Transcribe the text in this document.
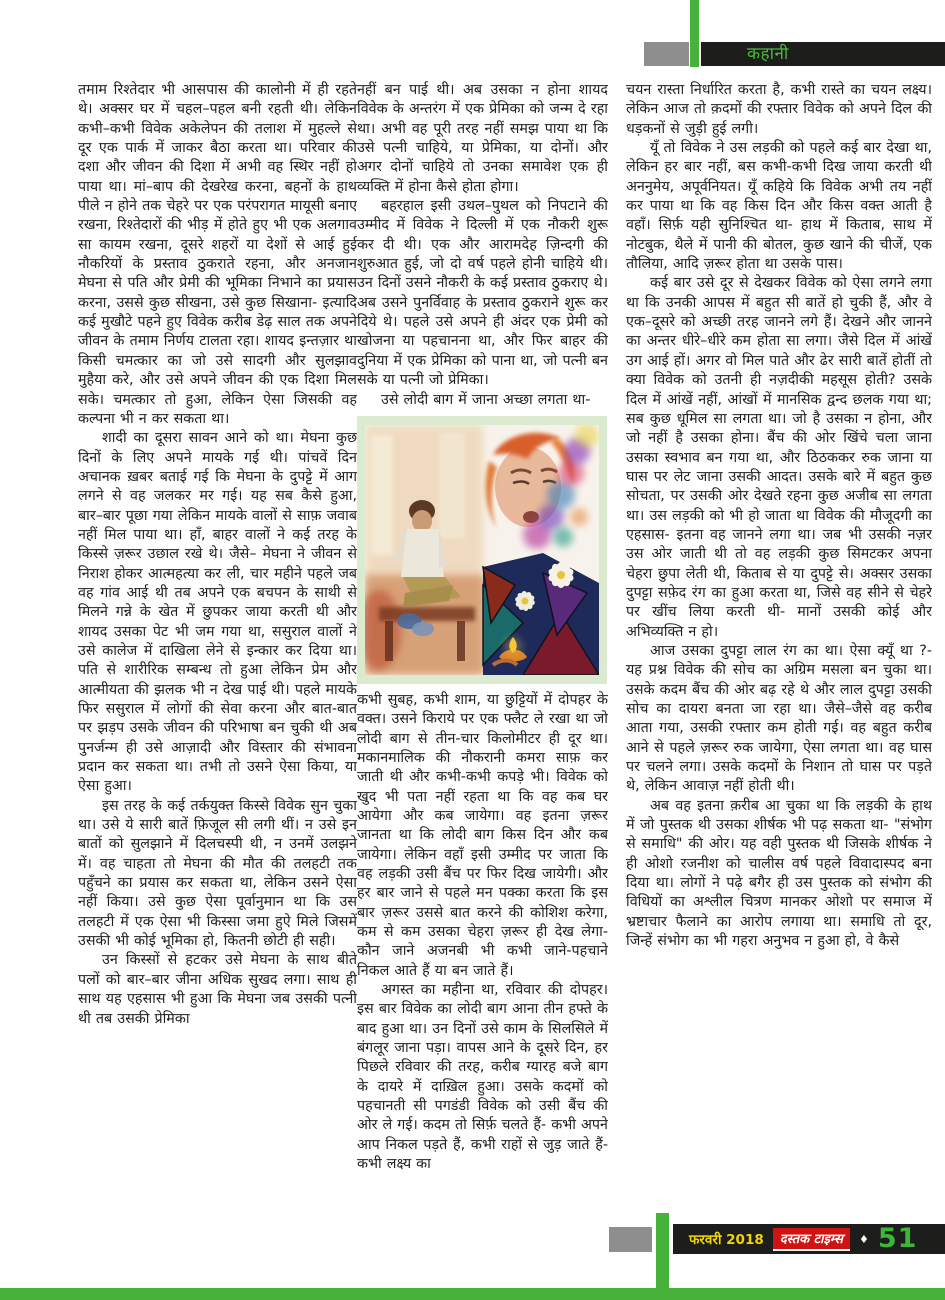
कहानी

तमाम रिश्तेदार भी आसपास की कालोनी में ही रहते थे। अक्सर घर में चहल–पहल बनी रहती थी। लेकिन कभी–कभी विवेक अकेलेपन की तलाश में मुहल्ले से दूर एक पार्क में जाकर बैठा करता था। परिवार की दशा और जीवन की दिशा में अभी वह स्थिर नहीं हो पाया था। मां–बाप की देखरेख करना, बहनों के हाथ पीले न होने तक चेहरे पर एक परंपरागत मायूसी बनाए रखना, रिश्तेदारों की भीड़ में होते हुए भी एक अलगाव सा कायम रखना, दूसरे शहरों या देशों से आई हुई नौकरियों के प्रस्ताव ठुकराते रहना, और अनजान मेघना से पति और प्रेमी की भूमिका निभाने का प्रयास करना, उससे कुछ सीखना, उसे कुछ सिखाना- इत्यादि कई मुखौटे पहने हुए विवेक करीब डेढ़ साल तक अपने जीवन के तमाम निर्णय टालता रहा। शायद इन्तज़ार था किसी चमत्कार का जो उसे सादगी और सुलझाव मुहैया करे, और उसे अपने जीवन की एक दिशा मिल सके। चमत्कार तो हुआ, लेकिन ऐसा जिसकी वह कल्पना भी न कर सकता था।

शादी का दूसरा सावन आने को था। मेघना कुछ दिनों के लिए अपने मायके गई थी। पांचवें दिन अचानक ख़बर बताई गई कि मेघना के दुपट्टे में आग लगने से वह जलकर मर गई। यह सब कैसे हुआ, बार–बार पूछा गया लेकिन मायके वालों से साफ़ जवाब नहीं मिल पाया था। हाँ, बाहर वालों ने कई तरह के किस्से ज़रूर उछाल रखे थे। जैसे– मेघना ने जीवन से निराश होकर आत्महत्या कर ली, चार महीने पहले जब वह गांव आई थी तब अपने एक बचपन के साथी से मिलने गन्ने के खेत में छुपकर जाया करती थी और शायद उसका पेट भी जम गया था, ससुराल वालों ने उसे कालेज में दाखिला लेने से इन्कार कर दिया था। पति से शारीरिक सम्बन्ध तो हुआ लेकिन प्रेम और आत्मीयता की झलक भी न देख पाई थी। पहले मायके फिर ससुराल में लोगों की सेवा करना और बात-बात पर झड़प उसके जीवन की परिभाषा बन चुकी थी अब पुनर्जन्म ही उसे आज़ादी और विस्तार की संभावना प्रदान कर सकता था। तभी तो उसने ऐसा किया, या ऐसा हुआ।

इस तरह के कई तर्कयुक्त किस्से विवेक सुन चुका था। उसे ये सारी बातें फ़िजूल सी लगी थीं। न उसे इन बातों को सुलझाने में दिलचस्पी थी, न उनमें उलझने में। वह चाहता तो मेघना की मौत की तलहटी तक पहुँचने का प्रयास कर सकता था, लेकिन उसने ऐसा नहीं किया। उसे कुछ ऐसा पूर्वानुमान था कि उस तलहटी में एक ऐसा भी किस्सा जमा हुऐ मिले जिसमें उसकी भी कोई भूमिका हो, कितनी छोटी ही सही।

उन किस्सों से हटकर उसे मेघना के साथ बीते पलों को बार–बार जीना अधिक सुखद लगा। साथ ही साथ यह एहसास भी हुआ कि मेघना जब उसकी पत्नी थी तब उसकी प्रेमिका

नहीं बन पाई थी। अब उसका न होना शायद विवेक के अन्तरंग में एक प्रेमिका को जन्म दे रहा था। अभी वह पूरी तरह नहीं समझ पाया था कि उसे पत्नी चाहिये, या प्रेमिका, या दोनों। और अगर दोनों चाहिये तो उनका समावेश एक ही व्यक्ति में होना कैसे होता होगा।

बहरहाल इसी उथल–पुथल को निपटाने की उम्मीद में विवेक ने दिल्ली में एक नौकरी शुरू कर दी थी। एक और आरामदेह ज़िन्दगी की शुरुआत हुई, जो दो वर्ष पहले होनी चाहिये थी। उन दिनों उसने नौकरी के कई प्रस्ताव ठुकराए थे। अब उसने पुनर्विवाह के प्रस्ताव ठुकराने शुरू कर दिये थे। पहले उसे अपने ही अंदर एक प्रेमी को खोजना या पहचानना था, और फिर बाहर की दुनिया में एक प्रेमिका को पाना था, जो पत्नी बन सके या पत्नी जो प्रेमिका।

उसे लोदी बाग में जाना अच्छा लगता था-

कभी सुबह, कभी शाम, या छुट्टियों में दोपहर के वक्त। उसने किराये पर एक फ्लैट ले रखा था जो लोदी बाग से तीन-चार किलोमीटर ही दूर था। मकानमालिक की नौकरानी कमरा साफ़ कर जाती थी और कभी-कभी कपड़े भी। विवेक को खुद भी पता नहीं रहता था कि वह कब घर आयेगा और कब जायेगा। वह इतना ज़रूर जानता था कि लोदी बाग किस दिन और कब जायेगा। लेकिन वहाँ इसी उम्मीद पर जाता कि वह लड़की उसी बैंच पर फिर दिख जायेगी। और हर बार जाने से पहले मन पक्का करता कि इस बार ज़रूर उससे बात करने की कोशिश करेगा, कम से कम उसका चेहरा ज़रूर ही देख लेगा- कौन जाने अजनबी भी कभी जाने-पहचाने निकल आते हैं या बन जाते हैं।

अगस्त का महीना था, रविवार की दोपहर। इस बार विवेक का लोदी बाग आना तीन हफ्ते के बाद हुआ था। उन दिनों उसे काम के सिलसिले में बंगलूर जाना पड़ा। वापस आने के दूसरे दिन, हर पिछले रविवार की तरह, करीब ग्यारह बजे बाग के दायरे में दाख़िल हुआ। उसके कदमों को पहचानती सी पगडंडी विवेक को उसी बैंच की ओर ले गई। कदम तो सिर्फ़ चलते हैं- कभी अपने आप निकल पड़ते हैं, कभी राहों से जुड़ जाते हैं- कभी लक्ष्य का

चयन रास्ता निर्धारित करता है, कभी रास्ते का चयन लक्ष्य। लेकिन आज तो क़दमों की रफ्तार विवेक को अपने दिल की धड़कनों से जुड़ी हुई लगी।

यूँ तो विवेक ने उस लड़की को पहले कई बार देखा था, लेकिन हर बार नहीं, बस कभी-कभी दिख जाया करती थी अननुमेय, अपूर्वनियत। यूँ कहिये कि विवेक अभी तय नहीं कर पाया था कि वह किस दिन और किस वक्त आती है वहाँ। सिर्फ़ यही सुनिश्चित था- हाथ में किताब, साथ में नोटबुक, थैले में पानी की बोतल, कुछ खाने की चीजें, एक तौलिया, आदि ज़रूर होता था उसके पास।

कई बार उसे दूर से देखकर विवेक को ऐसा लगने लगा था कि उनकी आपस में बहुत सी बातें हो चुकी हैं, और वे एक–दूसरे को अच्छी तरह जानने लगे हैं। देखने और जानने का अन्तर धीरे–धीरे कम होता सा लगा। जैसे दिल में आंखें उग आई हों। अगर वो मिल पाते और ढेर सारी बातें होतीं तो क्या विवेक को उतनी ही नज़दीकी महसूस होती? उसके दिल में आंखें नहीं, आंखों में मानसिक द्वन्द छलक गया था; सब कुछ धूमिल सा लगता था। जो है उसका न होना, और जो नहीं है उसका होना। बैंच की ओर खिंचे चला जाना उसका स्वभाव बन गया था, और ठिठककर रुक जाना या घास पर लेट जाना उसकी आदत। उसके बारे में बहुत कुछ सोचता, पर उसकी ओर देखते रहना कुछ अजीब सा लगता था। उस लड़की को भी हो जाता था विवेक की मौजूदगी का एहसास- इतना वह जानने लगा था। जब भी उसकी नज़र उस ओर जाती थी तो वह लड़की कुछ सिमटकर अपना चेहरा छुपा लेती थी, किताब से या दुपट्टे से। अक्सर उसका दुपट्टा सफ़ेद रंग का हुआ करता था, जिसे वह सीने से चेहरे पर खींच लिया करती थी- मानों उसकी कोई और अभिव्यक्ति न हो।

आज उसका दुपट्टा लाल रंग का था। ऐसा क्यूँ था ?- यह प्रश्न विवेक की सोच का अग्रिम मसला बन चुका था। उसके कदम बैंच की ओर बढ़ रहे थे और लाल दुपट्टा उसकी सोच का दायरा बनता जा रहा था। जैसे–जैसे वह करीब आता गया, उसकी रफ्तार कम होती गई। वह बहुत करीब आने से पहले ज़रूर रुक जायेगा, ऐसा लगता था। वह घास पर चलने लगा। उसके कदमों के निशान तो घास पर पड़ते थे, लेकिन आवाज़ नहीं होती थी।

अब वह इतना क़रीब आ चुका था कि लड़की के हाथ में जो पुस्तक थी उसका शीर्षक भी पढ़ सकता था- "संभोग से समाधि" की ओर। यह वही पुस्तक थी जिसके शीर्षक ने ही ओशो रजनीश को चालीस वर्ष पहले विवादास्पद बना दिया था। लोगों ने पढ़े बगैर ही उस पुस्तक को संभोग की विधियों का अश्लील चित्रण मानकर ओशो पर समाज में भ्रष्टाचार फैलाने का आरोप लगाया था। समाधि तो दूर, जिन्हें संभोग का भी गहरा अनुभव न हुआ हो, वे कैसे

फरवरी 2018	दस्तक टाइम्स	♦ 51
